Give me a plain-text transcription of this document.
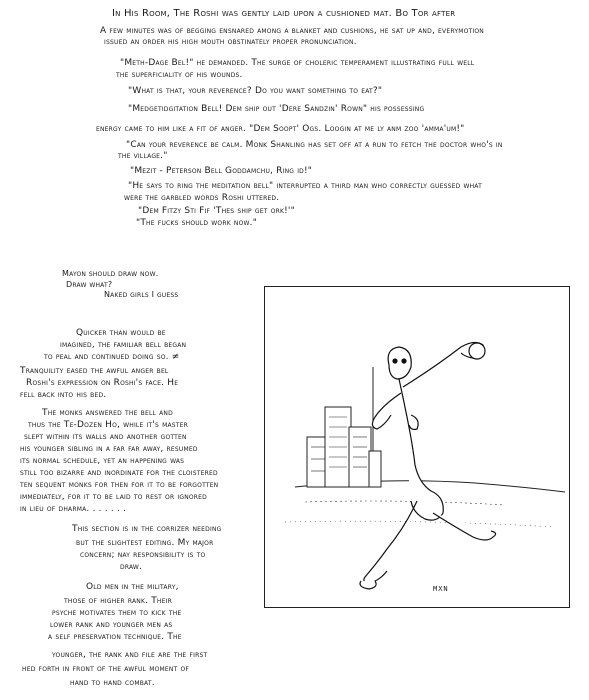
In His Room, The Roshi was gently laid upon a cushioned mat. Bo Tor after
A few minutes was of begging ensnared among a blanket and cushions, he sat up and, everymotion
issued an order his high mouth obstinately proper pronunciation.
"Meth-Dage Bel!" he demanded. The surge of choleric temperament illustrating full well
the superficiality of his wounds.
"What is that, your reverence? Do you want something to eat?"
"Medgetidgitation Bell! Dem ship out 'Dere Sandzin' Rown" his possessing
energy came to him like a fit of anger. "Dem Soopt' Ogs. Loogin at me ly anm zoo 'amma'um!"
"Can your reverence be calm. Monk Shanling has set off at a run to fetch the doctor who's in
the village."
"Mezit - Peterson Bell Goddamchu, Ring id!"
"He says to ring the meditation bell" interrupted a third man who correctly guessed what
were the garbled words Roshi uttered.
"Dem Fitzy Sti Fif 'Thes ship get ork!'"
"The fucks should work now."
Mayon should draw now.
Draw what?
Naked girls I guess
Quicker than would be
imagined, the familiar bell began
to peal and continued doing so. ≠
Tranquility eased the awful anger bel
Roshi's expression on Roshi's face. He
fell back into his bed.
The monks answered the bell and
thus the Te-Dozen Ho, while it's master
slept within its walls and another gotten
his younger sibling in a far far away, resumed
its normal schedule, yet an happening was
still too bizarre and inordinate for the cloistered
ten sequent monks for then for it to be forgotten
immediately, for it to be laid to rest or ignored
in lieu of dharma. . . . . . .
This section is in the corrizer needing
but the slightest editing. My major
concern; nay responsibility is to
draw.
Old men in the military,
those of higher rank. Their
psyche motivates them to kick the
lower rank and younger men as
a self preservation technique. The
younger, the rank and file are the first
hed forth in front of the awful moment of
hand to hand combat.
MXN
